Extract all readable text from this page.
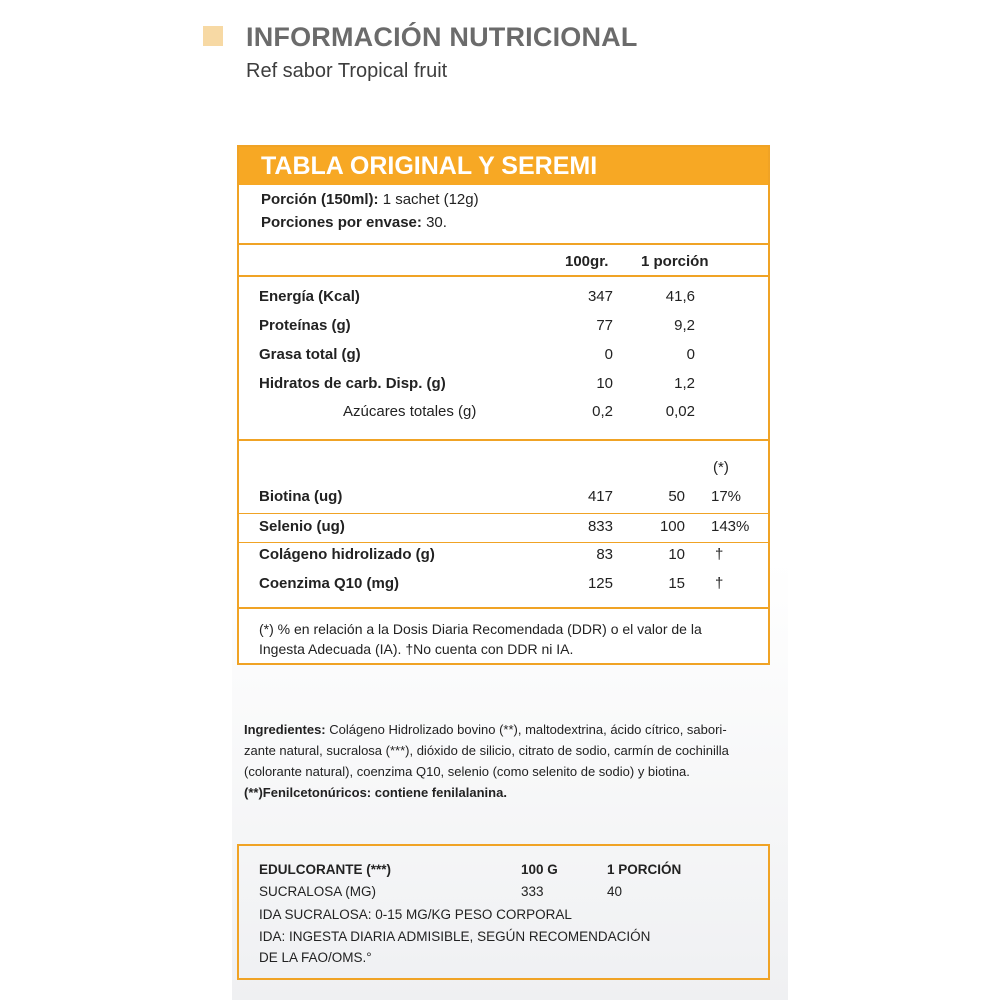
INFORMACIÓN NUTRICIONAL
Ref sabor Tropical fruit
TABLA ORIGINAL Y SEREMI
Porción (150ml): 1 sachet (12g)
Porciones por envase: 30.
100gr. 1 porción
Energía (Kcal)	347	41,6
Proteínas (g)	77	9,2
Grasa total (g)	0	0
Hidratos de carb. Disp. (g)	10	1,2
Azúcares totales (g)	0,2	0,02
(*)
Biotina (ug)	417	50 17%
Selenio (ug)	833	100 143%
Colágeno hidrolizado (g)	83	10 †
Coenzima Q10 (mg)	125	15 †
(*) % en relación a la Dosis Diaria Recomendada (DDR) o el valor de la
Ingesta Adecuada (IA). †No cuenta con DDR ni IA.
Ingredientes: Colágeno Hidrolizado bovino (**), maltodextrina, ácido cítrico, sabori-
zante natural, sucralosa (***), dióxido de silicio, citrato de sodio, carmín de cochinilla
(colorante natural), coenzima Q10, selenio (como selenito de sodio) y biotina.
(**)Fenilcetonúricos: contiene fenilalanina.
EDULCORANTE (***)	100 G	1 PORCIÓN
SUCRALOSA (MG)	333	40
IDA SUCRALOSA: 0-15 MG/KG PESO CORPORAL
IDA: INGESTA DIARIA ADMISIBLE, SEGÚN RECOMENDACIÓN
DE LA FAO/OMS.°
